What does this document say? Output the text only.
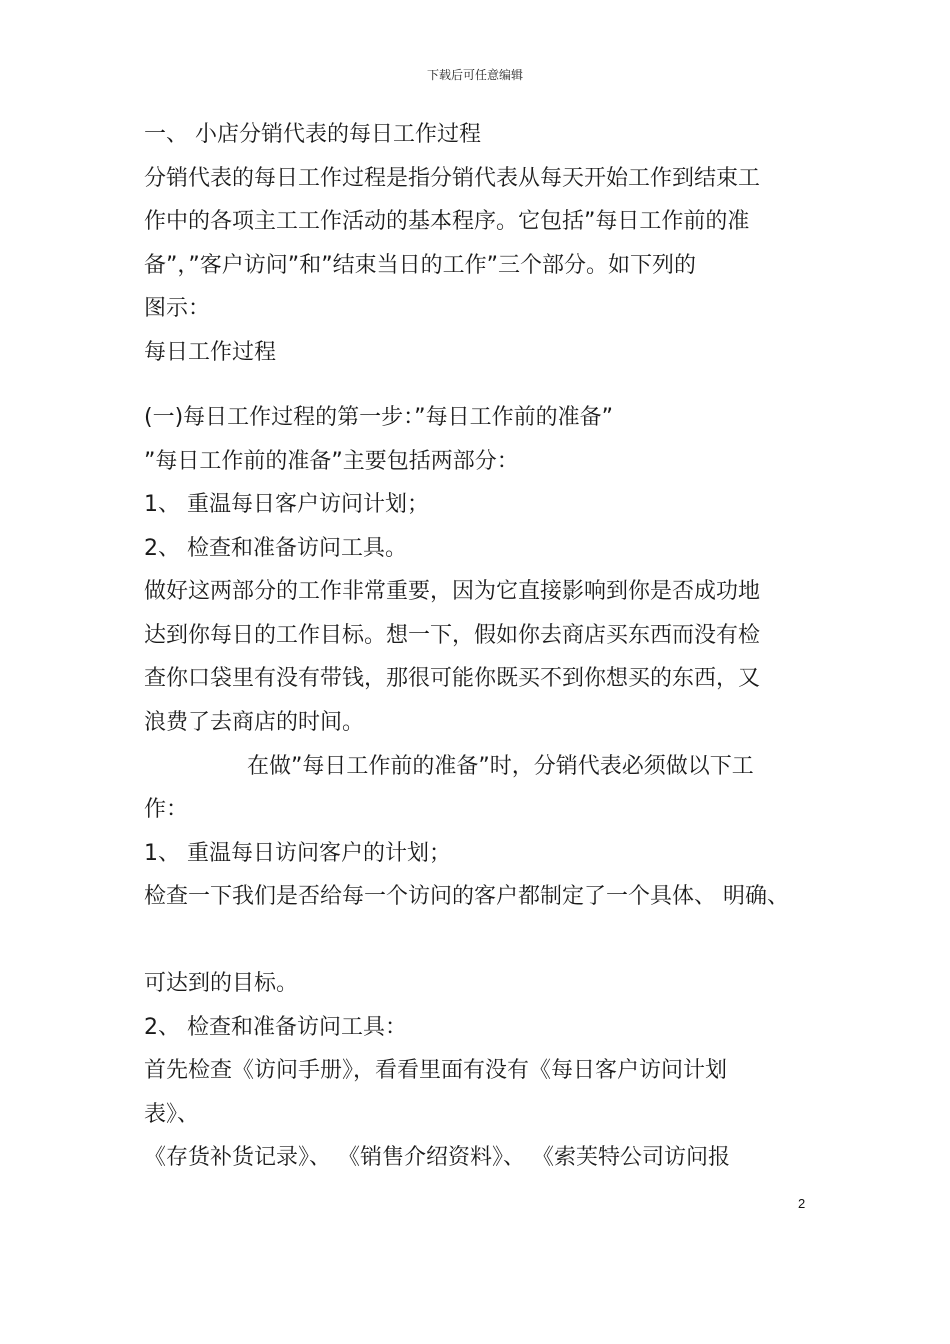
下载后可任意编辑
一、 小店分销代表的每日工作过程
分销代表的每日工作过程是指分销代表从每天开始工作到结束工
作中的各项主工工作活动的基本程序。它包括”每日工作前的准
备”，”客户访问”和”结束当日的工作”三个部分。如下列的
图示：
每日工作过程
(一)每日工作过程的第一步：”每日工作前的准备”
”每日工作前的准备”主要包括两部分：
1、 重温每日客户访问计划；
2、 检查和准备访问工具。
做好这两部分的工作非常重要，因为它直接影响到你是否成功地
达到你每日的工作目标。想一下，假如你去商店买东西而没有检
查你口袋里有没有带钱，那很可能你既买不到你想买的东西，又
浪费了去商店的时间。
在做”每日工作前的准备”时，分销代表必须做以下工
作：
1、 重温每日访问客户的计划；
检查一下我们是否给每一个访问的客户都制定了一个具体、 明确、
可达到的目标。
2、 检查和准备访问工具：
首先检查《访问手册》，看看里面有没有《每日客户访问计划
表》、
《存货补货记录》、 《销售介绍资料》、 《索芙特公司访问报
2
